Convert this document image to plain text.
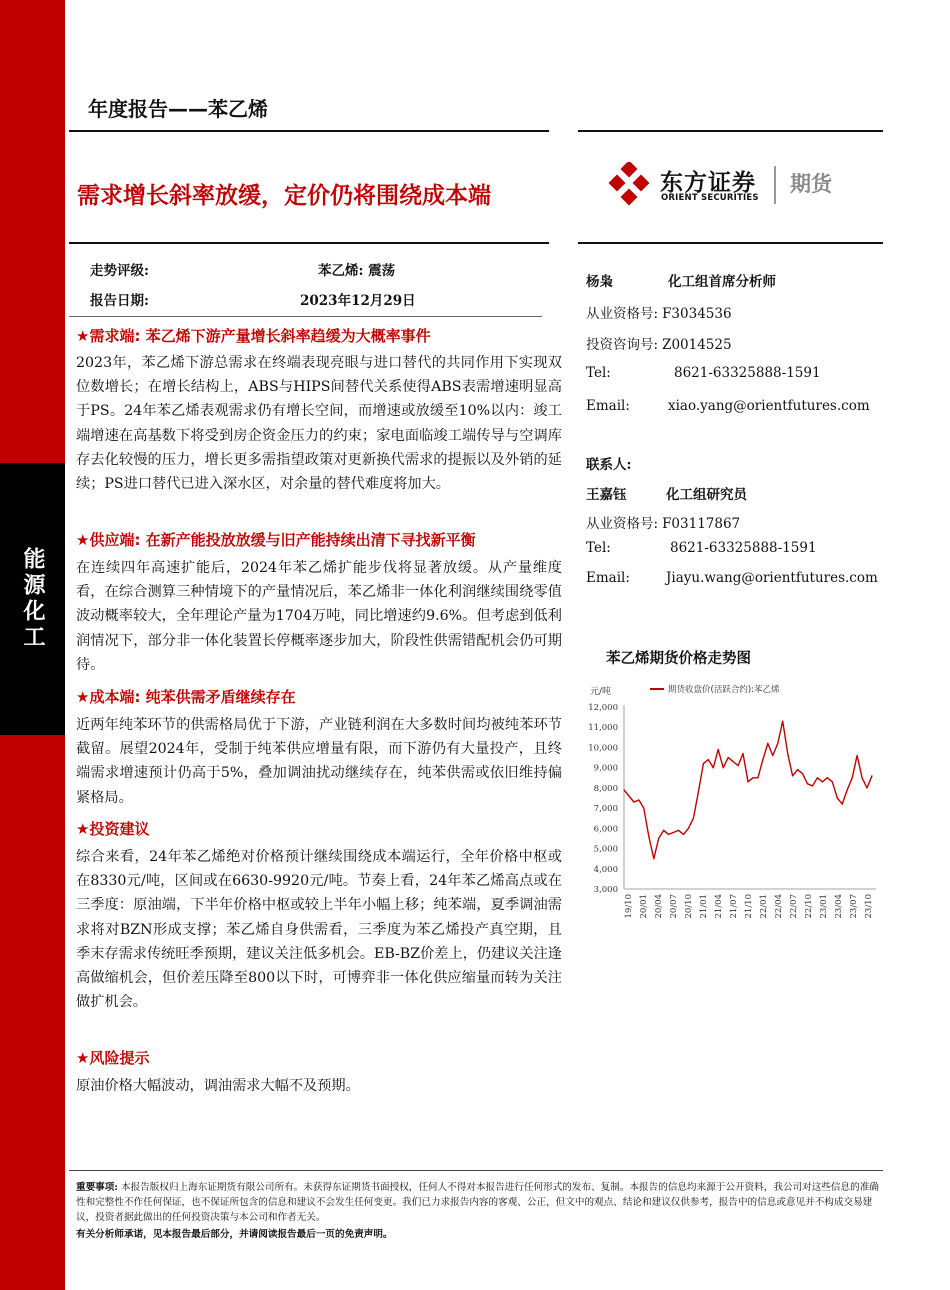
能源化工
年度报告——苯乙烯
需求增长斜率放缓，定价仍将围绕成本端	东方证券
ORIENT SECURITIES
期货
走势评级:	苯乙烯: 震荡
报告日期:	2023年12月29日
★需求端: 苯乙烯下游产量增长斜率趋缓为大概率事件

2023年，苯乙烯下游总需求在终端表现亮眼与进口替代的共同作用下实现双位数增长；在增长结构上，ABS与HIPS间替代关系使得ABS表需增速明显高于PS。24年苯乙烯表观需求仍有增长空间，而增速或放缓至10%以内：竣工端增速在高基数下将受到房企资金压力的约束；家电面临竣工端传导与空调库存去化较慢的压力，增长更多需指望政策对更新换代需求的提振以及外销的延续；PS进口替代已进入深水区，对余量的替代难度将加大。

★供应端: 在新产能投放放缓与旧产能持续出清下寻找新平衡

在连续四年高速扩能后，2024年苯乙烯扩能步伐将显著放缓。从产量维度看，在综合测算三种情境下的产量情况后，苯乙烯非一体化利润继续围绕零值波动概率较大，全年理论产量为1704万吨，同比增速约9.6%。但考虑到低利润情况下，部分非一体化装置长停概率逐步加大，阶段性供需错配机会仍可期待。

★成本端: 纯苯供需矛盾继续存在

近两年纯苯环节的供需格局优于下游，产业链利润在大多数时间均被纯苯环节截留。展望2024年，受制于纯苯供应增量有限，而下游仍有大量投产，且终端需求增速预计仍高于5%，叠加调油扰动继续存在，纯苯供需或依旧维持偏紧格局。

★投资建议

综合来看，24年苯乙烯绝对价格预计继续围绕成本端运行，全年价格中枢或在8330元/吨，区间或在6630-9920元/吨。节奏上看，24年苯乙烯高点或在三季度：原油端，下半年价格中枢或较上半年小幅上移；纯苯端，夏季调油需求将对BZN形成支撑；苯乙烯自身供需看，三季度为苯乙烯投产真空期，且季末存需求传统旺季预期，建议关注低多机会。EB-BZ价差上，仍建议关注逢高做缩机会，但价差压降至800以下时，可博弈非一体化供应缩量而转为关注做扩机会。

★风险提示

原油价格大幅波动，调油需求大幅不及预期。

杨枭	化工组首席分析师
从业资格号: F3034536
投资咨询号: Z0014525
Tel:	8621-63325888-1591
Email:	xiao.yang@orientfutures.com
联系人:
王嘉钰	化工组研究员
从业资格号: F03117867
Tel:	8621-63325888-1591
Email:	Jiayu.wang@orientfutures.com
苯乙烯期货价格走势图
元/吨	期货收盘价(活跃合约):苯乙烯
3,000
4,000
5,000
6,000
7,000
8,000
9,000
10,000
11,000
12,000
19/10 20/01 20/04 20/07 20/10 21/01 21/04 21/07 21/10 22/01 22/04 22/07 22/10 23/01 23/04 23/07 23/10
重要事项: 本报告版权归上海东证期货有限公司所有。未获得东证期货书面授权，任何人不得对本报告进行任何形式的发布、复制。本报告的信息均来源于公开资料，我公司对这些信息的准确性和完整性不作任何保证，也不保证所包含的信息和建议不会发生任何变更。我们已力求报告内容的客观、公正，但文中的观点、结论和建议仅供参考，报告中的信息或意见并不构成交易建议，投资者据此做出的任何投资决策与本公司和作者无关。
有关分析师承诺，见本报告最后部分，并请阅读报告最后一页的免责声明。
